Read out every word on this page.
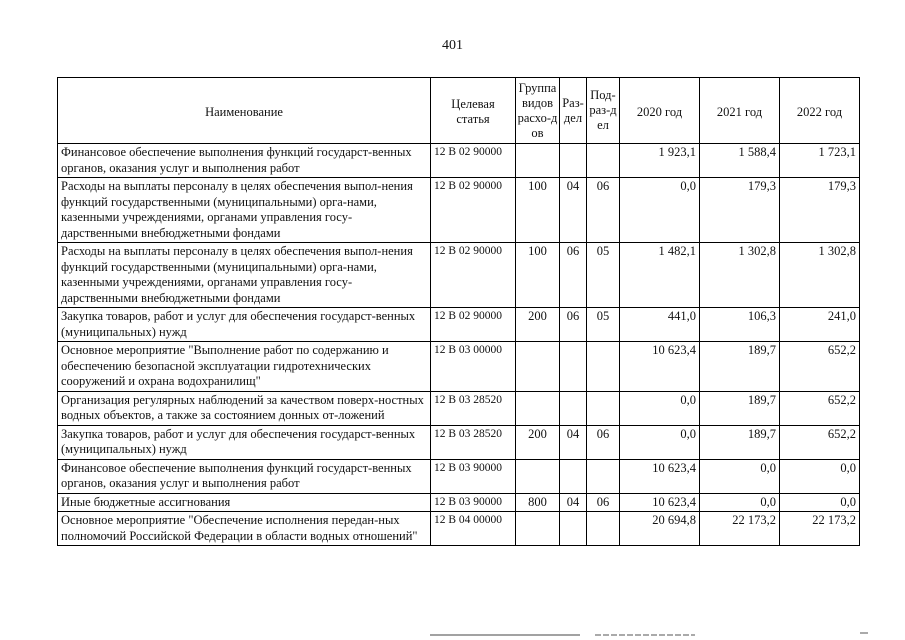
401
Наименование	Целевая статья	Группа видов расхо-дов	Раз-дел	Под-раз-дел	2020 год	2021 год	2022 год
Финансовое обеспечение выполнения функций государст-венных органов, оказания услуг и выполнения работ	12 В 02 90000				1 923,1	1 588,4	1 723,1
Расходы на выплаты персоналу в целях обеспечения выпол-нения функций государственными (муниципальными) орга-нами, казенными учреждениями, органами управления госу-дарственными внебюджетными фондами	12 В 02 90000	100	04	06	0,0	179,3	179,3
Расходы на выплаты персоналу в целях обеспечения выпол-нения функций государственными (муниципальными) орга-нами, казенными учреждениями, органами управления госу-дарственными внебюджетными фондами	12 В 02 90000	100	06	05	1 482,1	1 302,8	1 302,8
Закупка товаров, работ и услуг для обеспечения государст-венных (муниципальных) нужд	12 В 02 90000	200	06	05	441,0	106,3	241,0
Основное мероприятие "Выполнение работ по содержанию и обеспечению безопасной эксплуатации гидротехнических сооружений и охрана водохранилищ"	12 В 03 00000				10 623,4	189,7	652,2
Организация регулярных наблюдений за качеством поверх-ностных водных объектов, а также за состоянием донных от-ложений	12 В 03 28520				0,0	189,7	652,2
Закупка товаров, работ и услуг для обеспечения государст-венных (муниципальных) нужд	12 В 03 28520	200	04	06	0,0	189,7	652,2
Финансовое обеспечение выполнения функций государст-венных органов, оказания услуг и выполнения работ	12 В 03 90000				10 623,4	0,0	0,0
Иные бюджетные ассигнования	12 В 03 90000	800	04	06	10 623,4	0,0	0,0
Основное мероприятие "Обеспечение исполнения передан-ных полномочий Российской Федерации в области водных отношений"	12 В 04 00000				20 694,8	22 173,2	22 173,2
